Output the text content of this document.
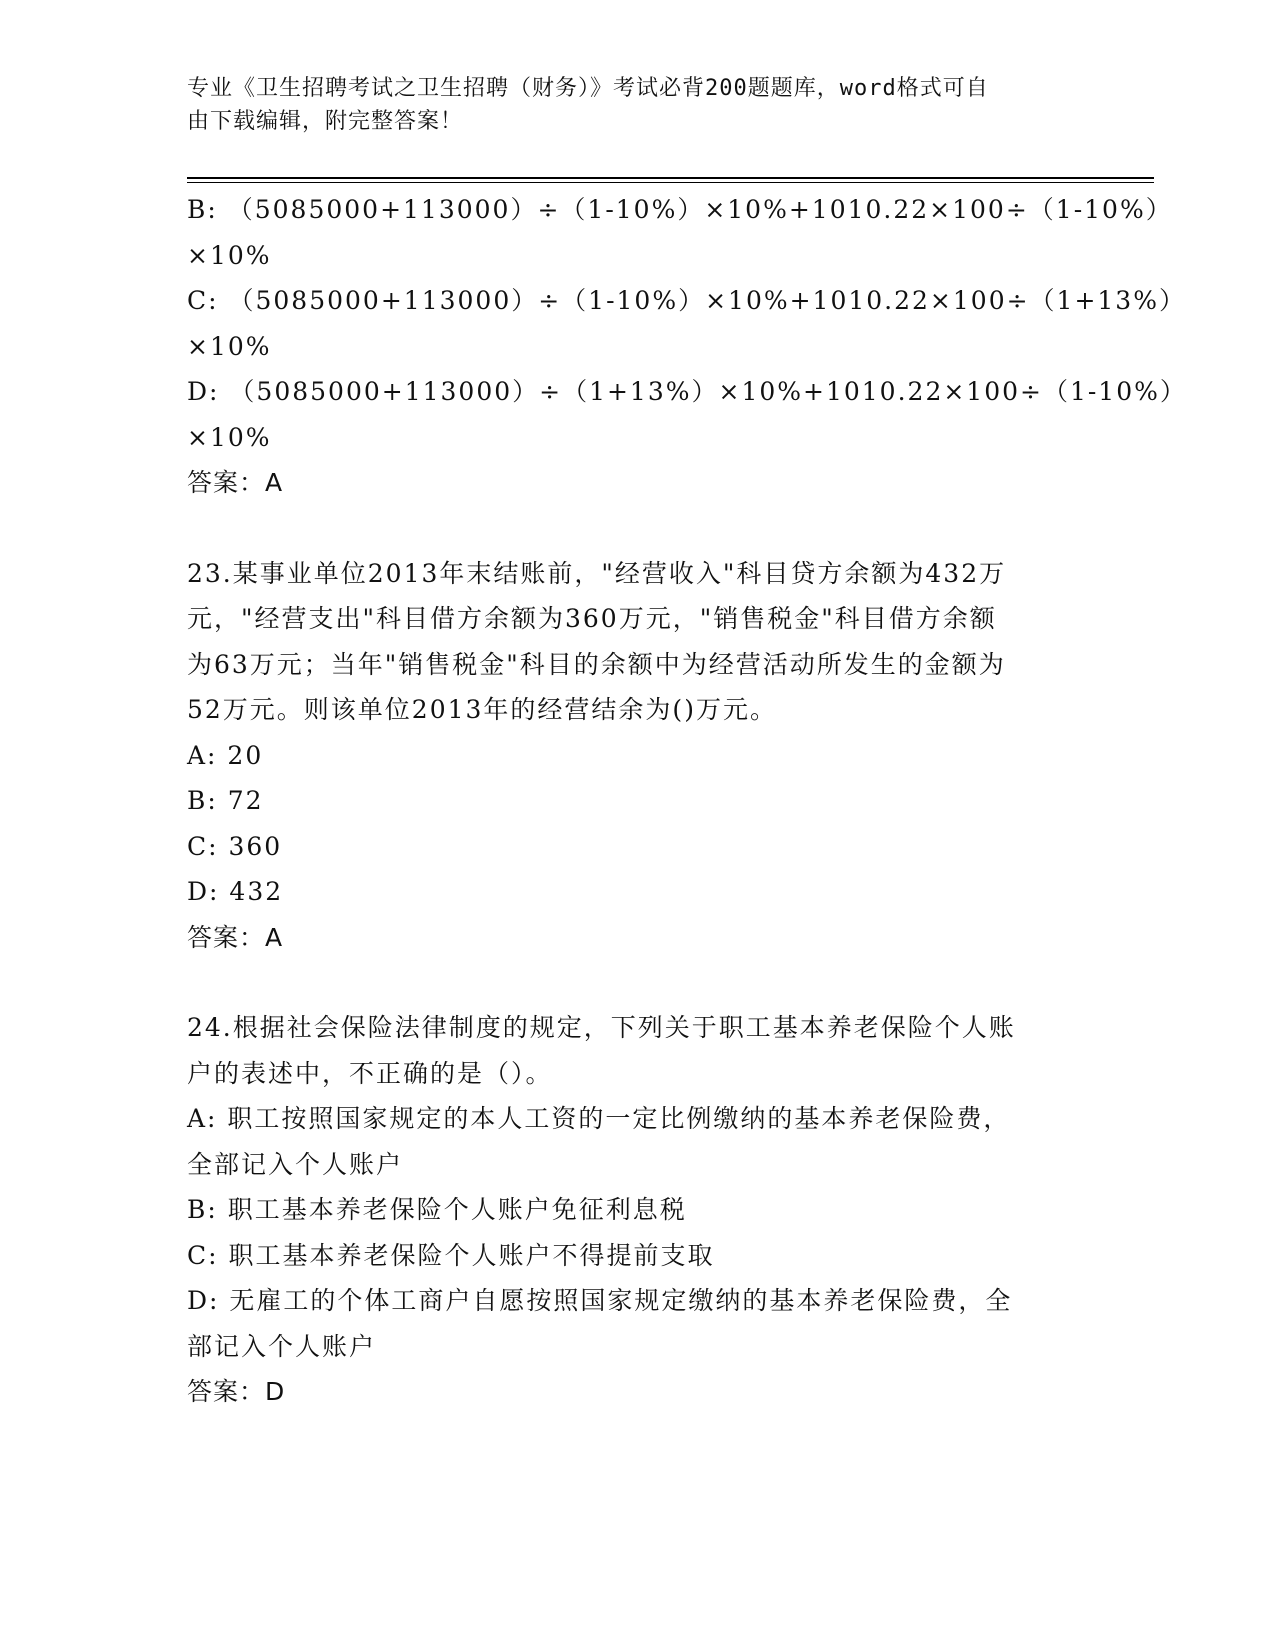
专业《卫生招聘考试之卫生招聘（财务）》考试必背200题题库，word格式可自
由下载编辑，附完整答案！
B: （5085000+113000）÷（1-10%）×10%+1010.22×100÷（1-10%）
×10%
C: （5085000+113000）÷（1-10%）×10%+1010.22×100÷（1+13%）
×10%
D: （5085000+113000）÷（1+13%）×10%+1010.22×100÷（1-10%）
×10%
答案：A
23.某事业单位2013年末结账前，"经营收入"科目贷方余额为432万
元，"经营支出"科目借方余额为360万元，"销售税金"科目借方余额
为63万元；当年"销售税金"科目的余额中为经营活动所发生的金额为
52万元。则该单位2013年的经营结余为()万元。
A: 20
B: 72
C: 360
D: 432
答案：A
24.根据社会保险法律制度的规定，下列关于职工基本养老保险个人账
户的表述中，不正确的是（）。
A: 职工按照国家规定的本人工资的一定比例缴纳的基本养老保险费，
全部记入个人账户
B: 职工基本养老保险个人账户免征利息税
C: 职工基本养老保险个人账户不得提前支取
D: 无雇工的个体工商户自愿按照国家规定缴纳的基本养老保险费，全
部记入个人账户
答案：D
